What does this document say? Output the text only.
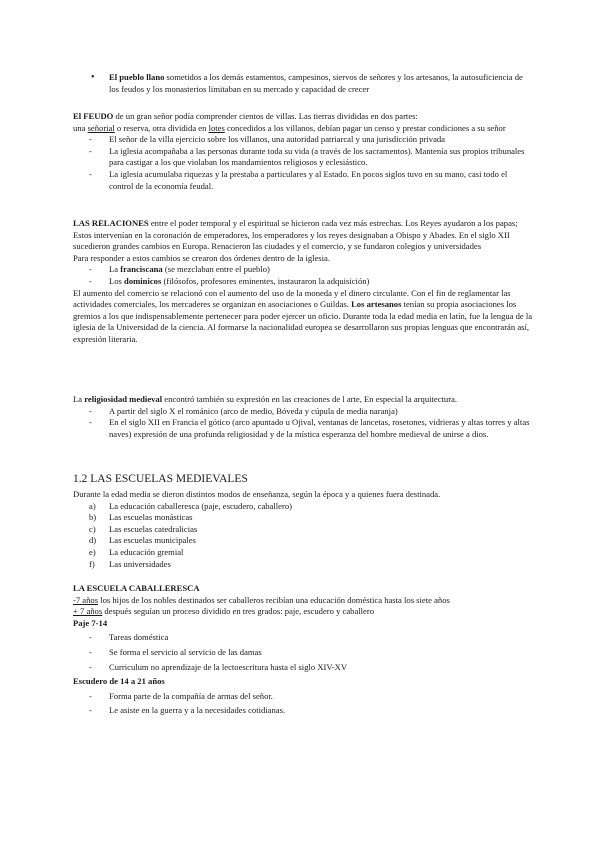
• El pueblo llano sometidos a los demás estamentos, campesinos, siervos de señores y los artesanos, la autosuficiencia de los feudos y los monasterios limitaban en su mercado y capacidad de crecer

El FEUDO de un gran señor podía comprender cientos de villas. Las tierras divididas en dos partes:

una señorial o reserva, otra dividida en lotes concedidos a los villanos, debían pagar un censo y prestar condiciones a su señor

- El señor de la villa ejercicio sobre los villanos, una autoridad patriarcal y una jurisdicción privada

- La iglesia acompañaba a las personas durante toda su vida (a través de los sacramentos). Mantenía sus propios tribunales para castigar a los que violaban los mandamientos religiosos y eclesiástico.

- La iglesia acumulaba riquezas y la prestaba a particulares y al Estado. En pocos siglos tuvo en su mano, casi todo el control de la economía feudal.

LAS RELACIONES entre el poder temporal y el espiritual se hicieron cada vez más estrechas. Los Reyes ayudaron a los papas; Estos intervenían en la coronación de emperadores, los emperadores y los reyes designaban a Obispo y Abades. En el siglo XII sucedieron grandes cambios en Europa. Renacieron las ciudades y el comercio, y se fundaron colegios y universidades

Para responder a estos cambios se crearon dos órdenes dentro de la iglesia.

- La franciscana (se mezclaban entre el pueblo)

- Los dominicos (filósofos, profesores eminentes, instauraron la adquisición)

El aumento del comercio se relacionó con el aumento del uso de la moneda y el dinero circulante. Con el fin de reglamentar las actividades comerciales, los mercaderes se organizan en asociaciones o Guildas. Los artesanos tenían su propia asociaciones los gremios a los que indispensablemente pertenecer para poder ejercer un oficio. Durante toda la edad media en latín, fue la lengua de la iglesia de la Universidad de la ciencia. Al formarse la nacionalidad europea se desarrollaron sus propias lenguas que encontrarán así, expresión literaria.

La religiosidad medieval encontró también su expresión en las creaciones de l arte, En especial la arquitectura.

- A partir del siglo X el románico (arco de medio, Bóveda y cúpula de media naranja)

- En el siglo XII en Francia el gótico (arco apuntado u Ojival, ventanas de lancetas, rosetones, vidrieras y altas torres y altas naves) expresión de una profunda religiosidad y de la mística esperanza del hombre medieval de unirse a dios.

1.2 LAS ESCUELAS MEDIEVALES

Durante la edad media se dieron distintos modos de enseñanza, según la época y a quienes fuera destinada.

a) La educación caballeresca (paje, escudero, caballero)

b) Las escuelas monásticas

c) Las escuelas catedralicias

d) Las escuelas municipales

e) La educación gremial

f) Las universidades

LA ESCUELA CABALLERESCA

-7 años los hijos de los nobles destinados ser caballeros recibían una educación doméstica hasta los siete años

+ 7 años después seguían un proceso dividido en tres grados: paje, escudero y caballero

Paje 7-14

- Tareas doméstica

- Se forma el servicio al servicio de las damas

- Curriculum no aprendizaje de la lectoescritura hasta el siglo XIV-XV

Escudero de 14 a 21 años

- Forma parte de la compañía de armas del señor.

- Le asiste en la guerra y a la necesidades cotidianas.
